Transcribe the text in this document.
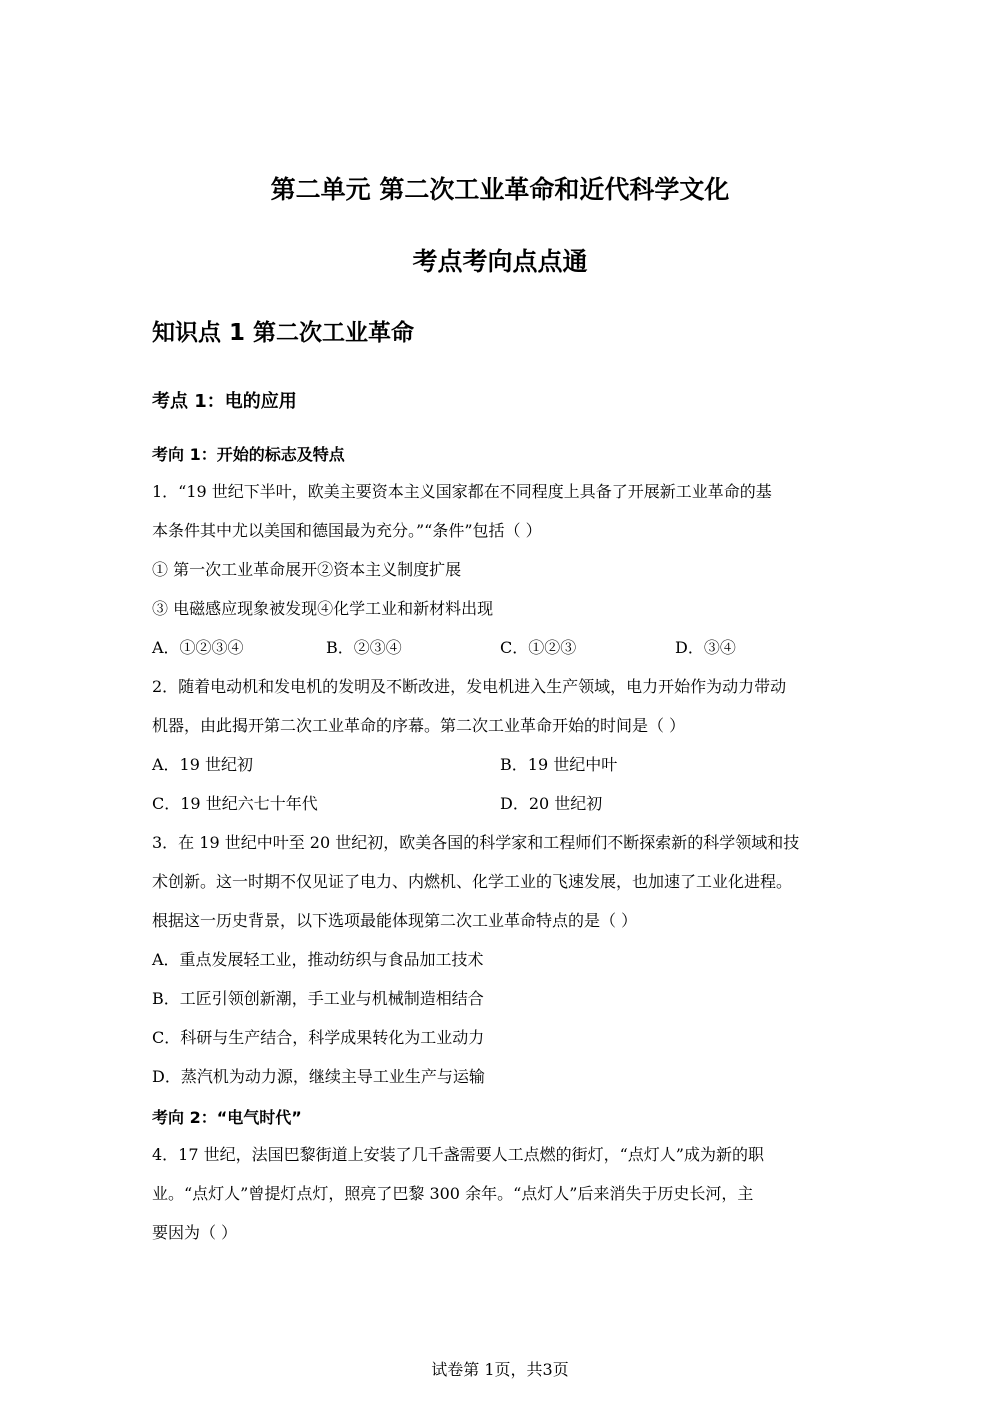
第二单元 第二次工业革命和近代科学文化
考点考向点点通
知识点 1 第二次工业革命
考点 1：电的应用
考向 1：开始的标志及特点
1．“19 世纪下半叶，欧美主要资本主义国家都在不同程度上具备了开展新工业革命的基
本条件其中尤以美国和德国最为充分。”“条件”包括（ ）
① 第一次工业革命展开②资本主义制度扩展
③ 电磁感应现象被发现④化学工业和新材料出现
A．①②③④	B．②③④	C．①②③	D．③④
2．随着电动机和发电机的发明及不断改进，发电机进入生产领域，电力开始作为动力带动
机器，由此揭开第二次工业革命的序幕。第二次工业革命开始的时间是（ ）
A．19 世纪初	B．19 世纪中叶
C．19 世纪六七十年代	D．20 世纪初
3．在 19 世纪中叶至 20 世纪初，欧美各国的科学家和工程师们不断探索新的科学领域和技
术创新。这一时期不仅见证了电力、内燃机、化学工业的飞速发展，也加速了工业化进程。
根据这一历史背景，以下选项最能体现第二次工业革命特点的是（ ）
A．重点发展轻工业，推动纺织与食品加工技术
B．工匠引领创新潮，手工业与机械制造相结合
C．科研与生产结合，科学成果转化为工业动力
D．蒸汽机为动力源，继续主导工业生产与运输
考向 2：“电气时代”
4．17 世纪，法国巴黎街道上安装了几千盏需要人工点燃的街灯，“点灯人”成为新的职
业。“点灯人”曾提灯点灯，照亮了巴黎 300 余年。“点灯人”后来消失于历史长河，主
要因为（ ）
试卷第 1页，共3页
